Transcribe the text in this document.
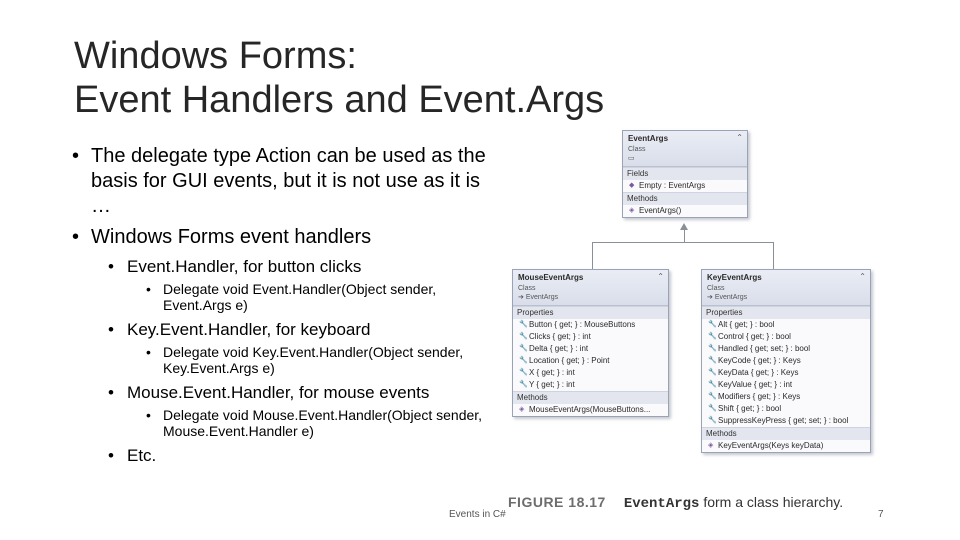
Windows Forms:
Event Handlers and Event.Args
• The delegate type Action can be used as the basis for GUI events, but it is not use as it is …
• Windows Forms event handlers
• Event.Handler, for button clicks
• Delegate void Event.Handler(Object sender, Event.Args e)
• Key.Event.Handler, for keyboard
• Delegate void Key.Event.Handler(Object sender, Key.Event.Args e)
• Mouse.Event.Handler, for mouse events
• Delegate void Mouse.Event.Handler(Object sender, Mouse.Event.Handler e)
• Etc.
EventArgs
Class
▭
⌃
Fields
◆ Empty : EventArgs
Methods
◈ EventArgs()
MouseEventArgs
Class
➔ EventArgs
⌃
Properties
🔧 Button { get; } : MouseButtons
🔧 Clicks { get; } : int
🔧 Delta { get; } : int
🔧 Location { get; } : Point
🔧 X { get; } : int
🔧 Y { get; } : int
Methods
◈ MouseEventArgs(MouseButtons...
KeyEventArgs
Class
➔ EventArgs
⌃
Properties
🔧 Alt { get; } : bool
🔧 Control { get; } : bool
🔧 Handled { get; set; } : bool
🔧 KeyCode { get; } : Keys
🔧 KeyData { get; } : Keys
🔧 KeyValue { get; } : int
🔧 Modifiers { get; } : Keys
🔧 Shift { get; } : bool
🔧 SuppressKeyPress { get; set; } : bool
Methods
◈ KeyEventArgs(Keys keyData)
FIGURE 18.17 EventArgs form a class hierarchy.
Events in C#	7
